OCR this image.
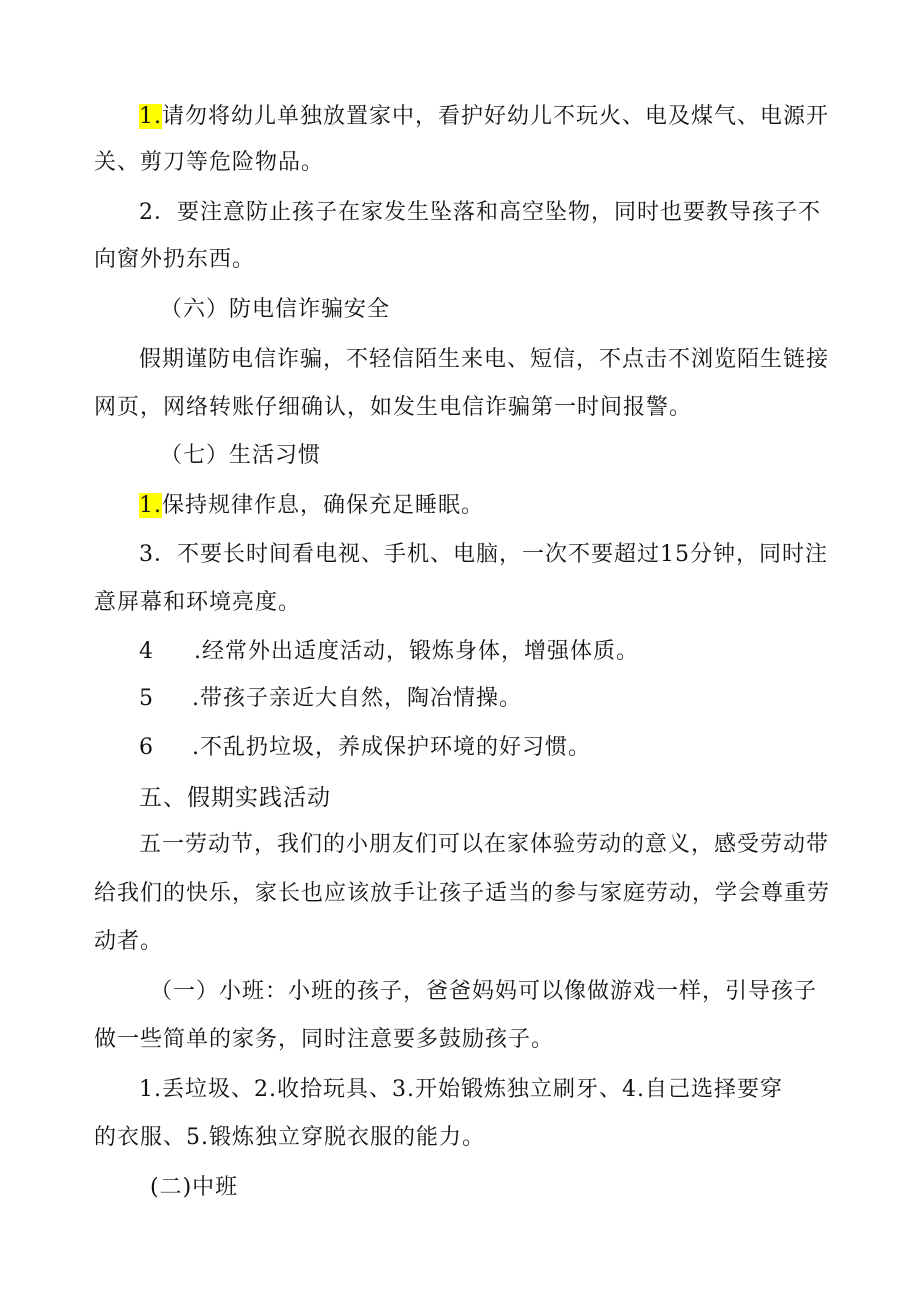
1.请勿将幼儿单独放置家中，看护好幼儿不玩火、电及煤气、电源开

关、剪刀等危险物品。

2．要注意防止孩子在家发生坠落和高空坠物，同时也要教导孩子不

向窗外扔东西。

（六）防电信诈骗安全

假期谨防电信诈骗，不轻信陌生来电、短信，不点击不浏览陌生链接

网页，网络转账仔细确认，如发生电信诈骗第一时间报警。

（七）生活习惯

1.保持规律作息，确保充足睡眠。

3．不要长时间看电视、手机、电脑，一次不要超过15分钟，同时注

意屏幕和环境亮度。

4 .经常外出适度活动，锻炼身体，增强体质。

5 .带孩子亲近大自然，陶冶情操。

6 .不乱扔垃圾，养成保护环境的好习惯。

五、假期实践活动

五一劳动节，我们的小朋友们可以在家体验劳动的意义，感受劳动带

给我们的快乐，家长也应该放手让孩子适当的参与家庭劳动，学会尊重劳

动者。

（一）小班：小班的孩子，爸爸妈妈可以像做游戏一样，引导孩子

做一些简单的家务，同时注意要多鼓励孩子。

1.丢垃圾、2.收拾玩具、3.开始锻炼独立刷牙、4.自己选择要穿

的衣服、5.锻炼独立穿脱衣服的能力。

(二)中班
